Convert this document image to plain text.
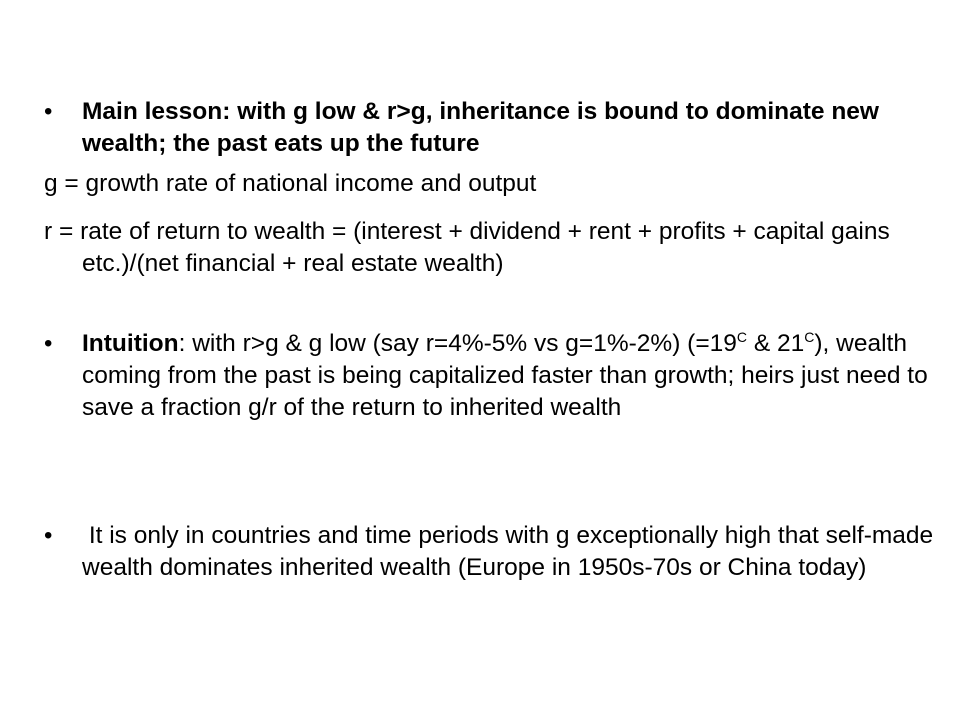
•	Main lesson: with g low & r>g, inheritance is bound to dominate new wealth; the past eats up the future
g = growth rate of national income and output
r = rate of return to wealth = (interest + dividend + rent + profits + capital gains etc.)/(net financial + real estate wealth)
•	Intuition: with r>g & g low (say r=4%-5% vs g=1%-2%) ($=19^C$ & $21^C$), wealth coming from the past is being capitalized faster than growth; heirs just need to save a fraction g/r of the return to inherited wealth
•	It is only in countries and time periods with g exceptionally high that self-made wealth dominates inherited wealth (Europe in 1950s-70s or China today)
